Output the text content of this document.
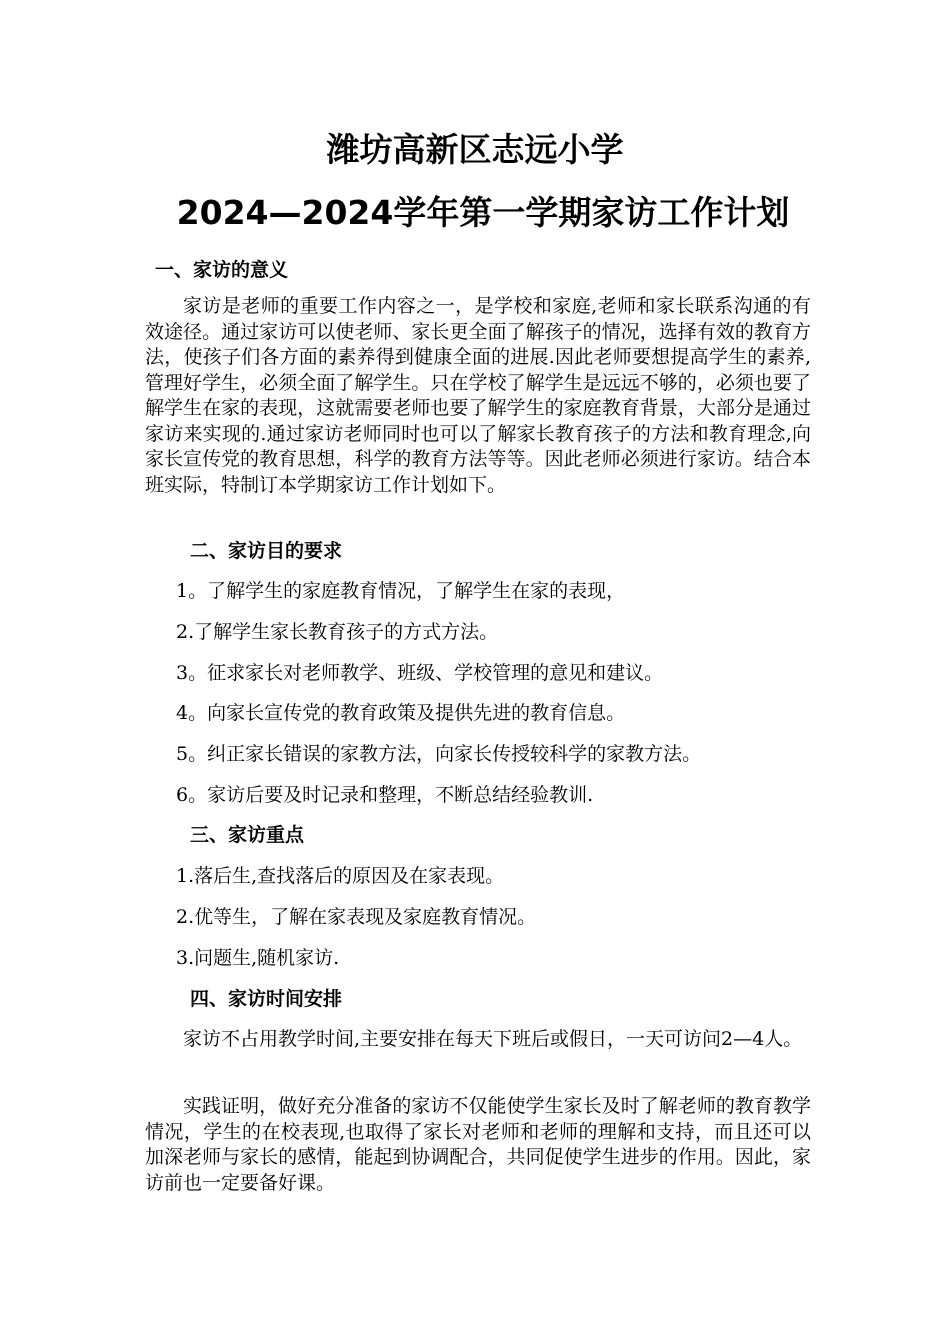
潍坊高新区志远小学
2024—2024学年第一学期家访工作计划
一、家访的意义
家访是老师的重要工作内容之一，是学校和家庭,老师和家长联系沟通的有效途径。通过家访可以使老师、家长更全面了解孩子的情况，选择有效的教育方法，使孩子们各方面的素养得到健康全面的进展.因此老师要想提高学生的素养,管理好学生，必须全面了解学生。只在学校了解学生是远远不够的，必须也要了解学生在家的表现，这就需要老师也要了解学生的家庭教育背景，大部分是通过家访来实现的.通过家访老师同时也可以了解家长教育孩子的方法和教育理念,向家长宣传党的教育思想，科学的教育方法等等。因此老师必须进行家访。结合本班实际，特制订本学期家访工作计划如下。
二、家访目的要求
1。了解学生的家庭教育情况，了解学生在家的表现，
2.了解学生家长教育孩子的方式方法。
3。征求家长对老师教学、班级、学校管理的意见和建议。
4。向家长宣传党的教育政策及提供先进的教育信息。
5。纠正家长错误的家教方法，向家长传授较科学的家教方法。
6。家访后要及时记录和整理，不断总结经验教训.
三、家访重点
1.落后生,查找落后的原因及在家表现。
2.优等生，了解在家表现及家庭教育情况。
3.问题生,随机家访.
四、家访时间安排
家访不占用教学时间,主要安排在每天下班后或假日，一天可访问2—4人。
实践证明，做好充分准备的家访不仅能使学生家长及时了解老师的教育教学情况，学生的在校表现,也取得了家长对老师和老师的理解和支持，而且还可以加深老师与家长的感情，能起到协调配合，共同促使学生进步的作用。因此，家访前也一定要备好课。
